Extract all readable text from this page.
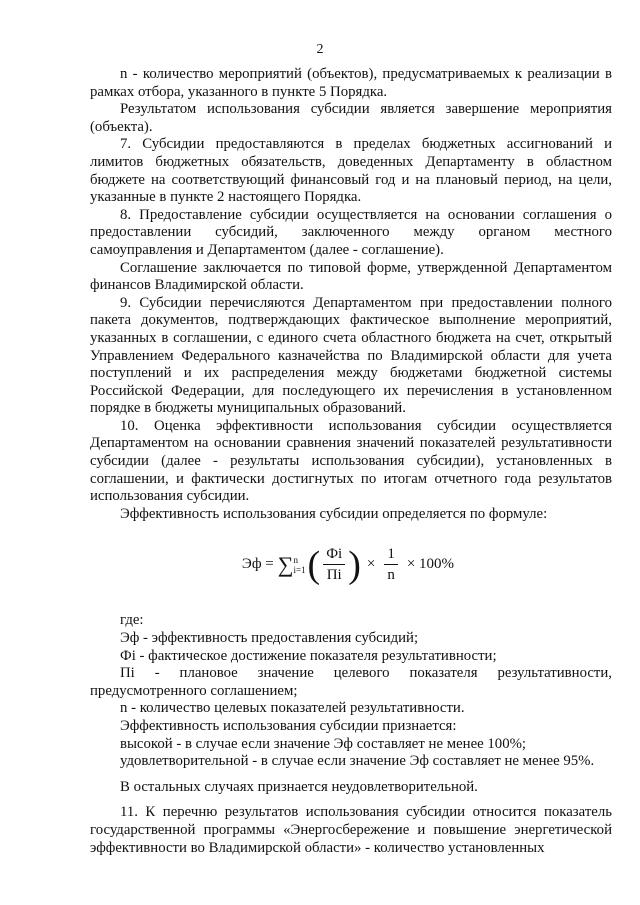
2

n - количество мероприятий (объектов), предусматриваемых к реализации в рамках отбора, указанного в пункте 5 Порядка.

Результатом использования субсидии является завершение мероприятия (объекта).

7. Субсидии предоставляются в пределах бюджетных ассигнований и лимитов бюджетных обязательств, доведенных Департаменту в областном бюджете на соответствующий финансовый год и на плановый период, на цели, указанные в пункте 2 настоящего Порядка.

8. Предоставление субсидии осуществляется на основании соглашения о предоставлении субсидий, заключенного между органом местного самоуправления и Департаментом (далее - соглашение).

Соглашение заключается по типовой форме, утвержденной Департаментом финансов Владимирской области.

9. Субсидии перечисляются Департаментом при предоставлении полного пакета документов, подтверждающих фактическое выполнение мероприятий, указанных в соглашении, с единого счета областного бюджета на счет, открытый Управлением Федерального казначейства по Владимирской области для учета поступлений и их распределения между бюджетами бюджетной системы Российской Федерации, для последующего их перечисления в установленном порядке в бюджеты муниципальных образований.

10. Оценка эффективности использования субсидии осуществляется Департаментом на основании сравнения значений показателей результативности субсидии (далее - результаты использования субсидии), установленных в соглашении, и фактически достигнутых по итогам отчетного года результатов использования субсидии.

Эффективность использования субсидии определяется по формуле:

Эф = ∑ n
i=1 ( $\frac{Фi}{Пi}$ ) × $\frac{1}{n} \times 100\%$

где:

Эф - эффективность предоставления субсидий;

Фi - фактическое достижение показателя результативности;

Пi - плановое значение целевого показателя результативности, предусмотренного соглашением;

n - количество целевых показателей результативности.

Эффективность использования субсидии признается:

высокой - в случае если значение Эф составляет не менее 100%;

удовлетворительной - в случае если значение Эф составляет не менее 95%.

В остальных случаях признается неудовлетворительной.

11. К перечню результатов использования субсидии относится показатель государственной программы «Энергосбережение и повышение энергетической эффективности во Владимирской области» - количество установленных
